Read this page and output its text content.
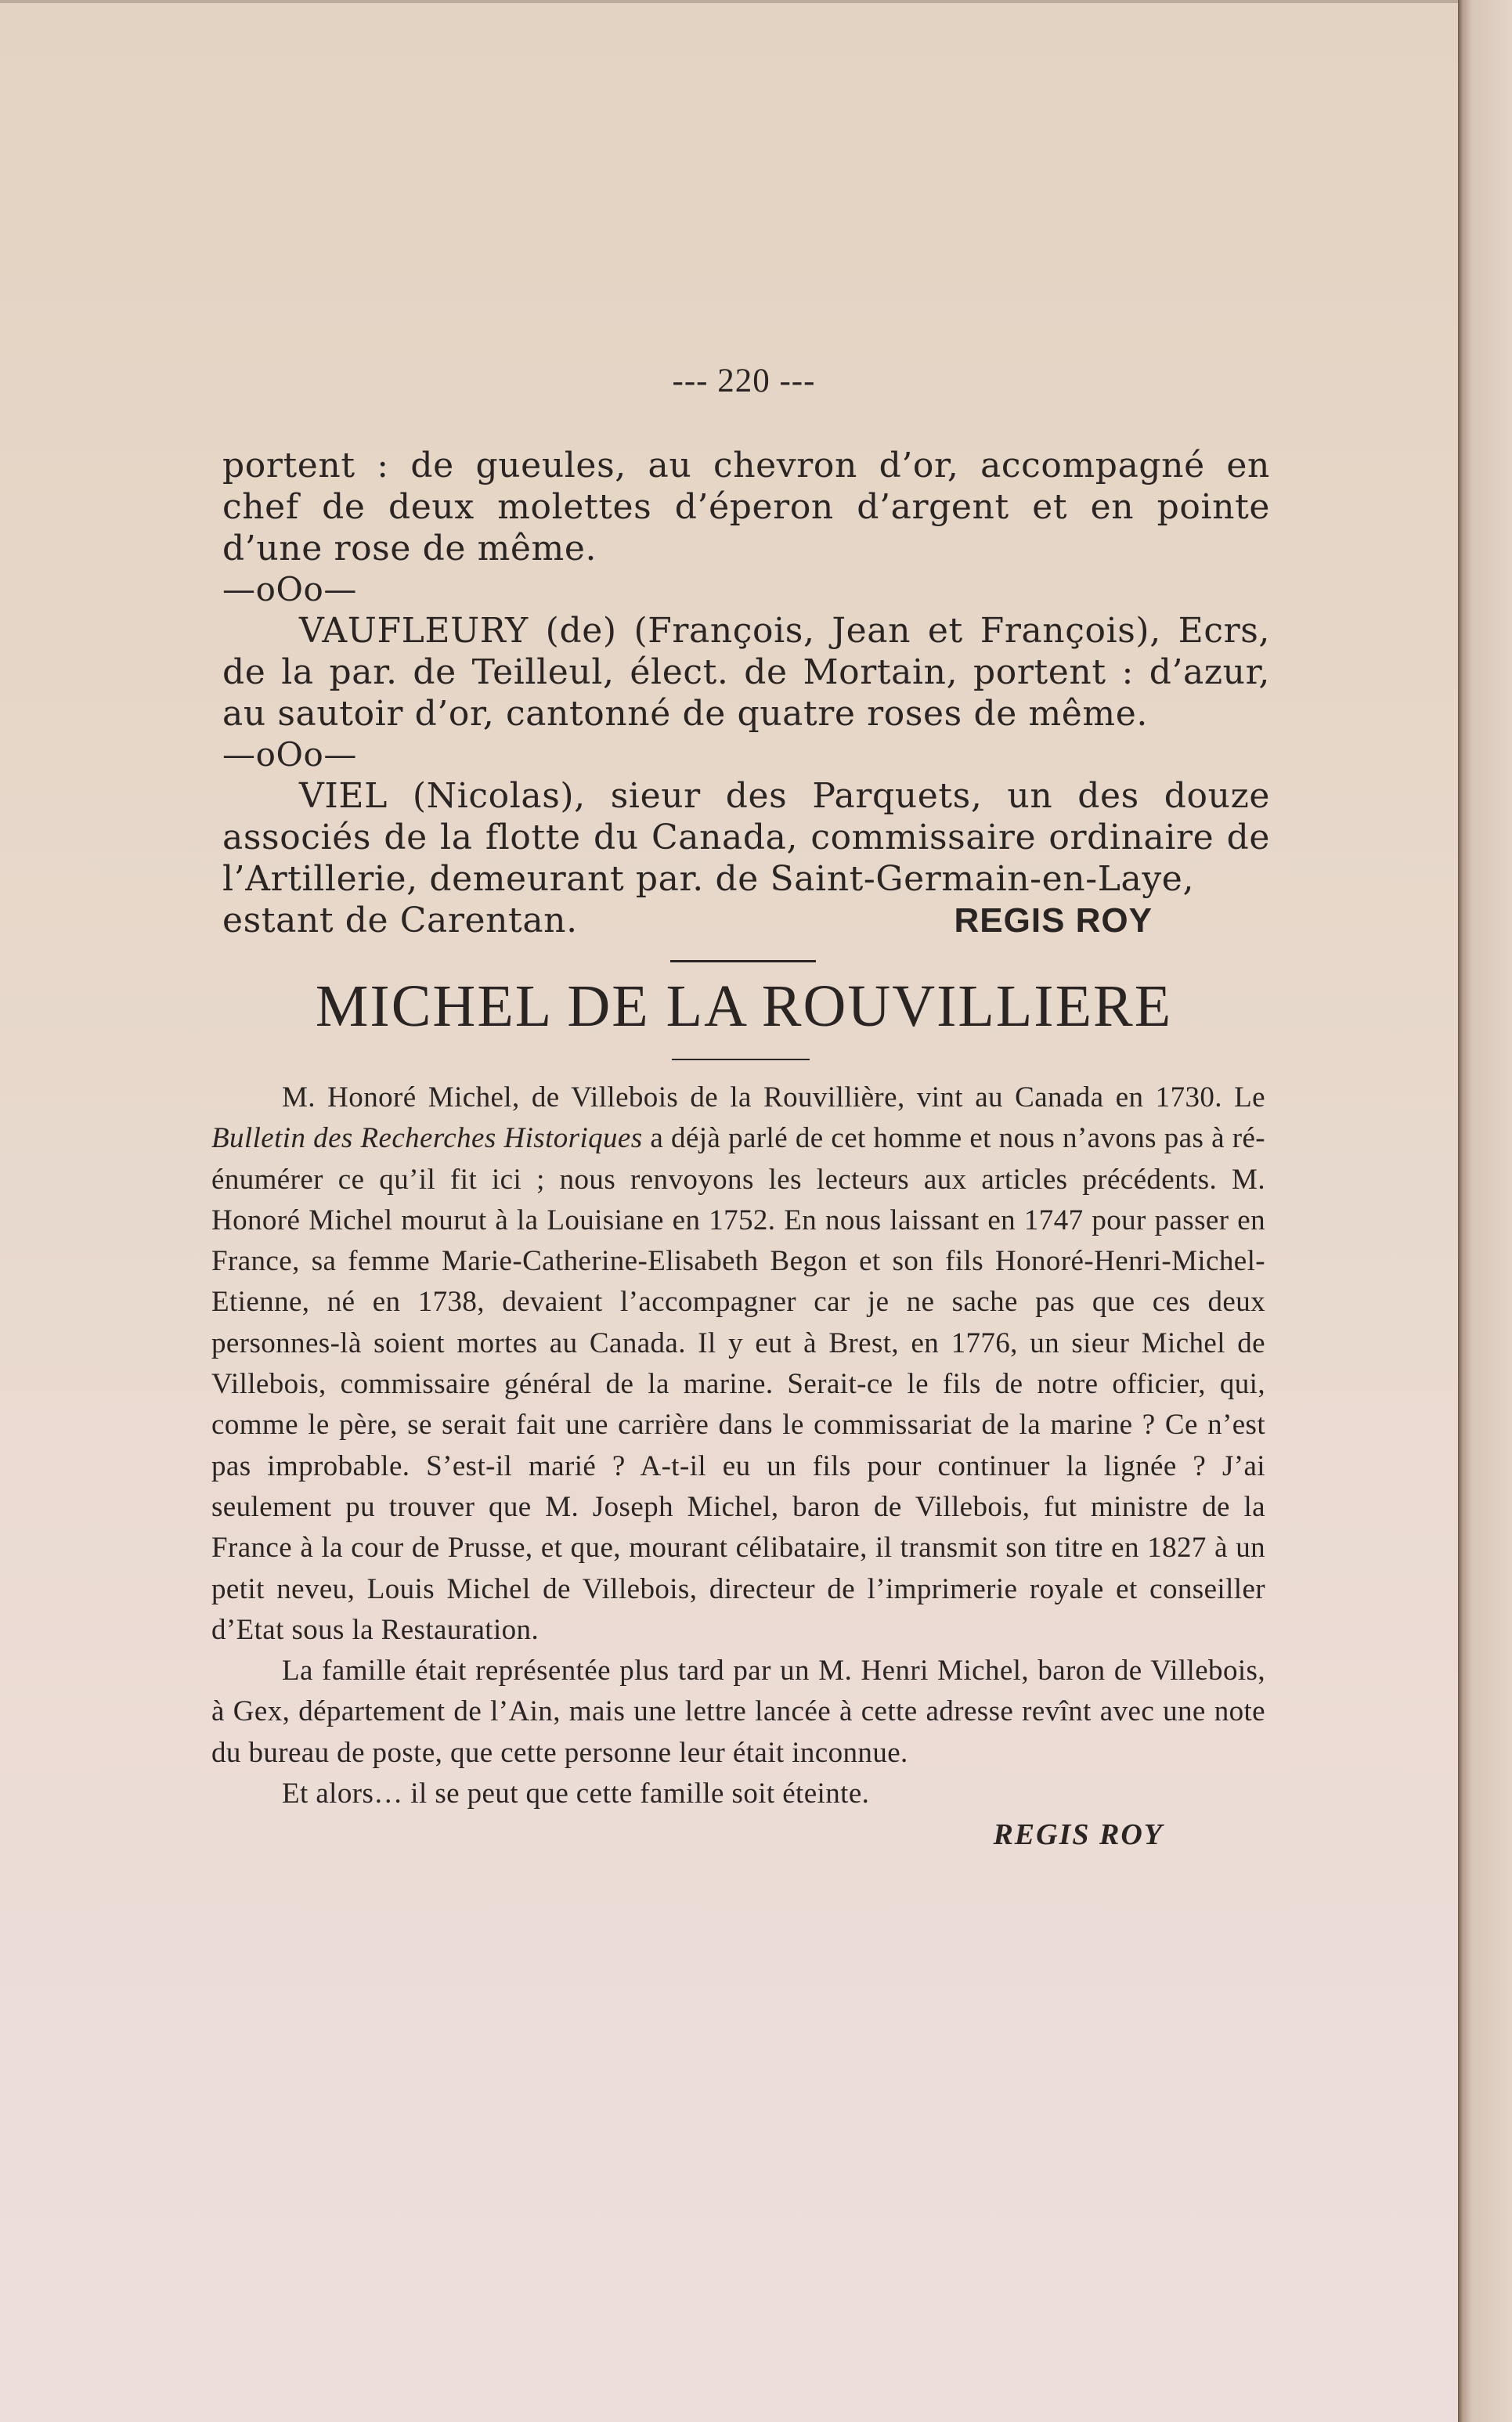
--- 220 ---

portent : de gueules, au chevron d’or, accompagné en chef de deux molettes d’éperon d’argent et en pointe d’une rose de même.

—oOo—

VAUFLEURY (de) (François, Jean et François), Ecrs, de la par. de Teilleul, élect. de Mortain, portent : d’azur, au sautoir d’or, cantonné de quatre roses de même.

—oOo—

VIEL (Nicolas), sieur des Parquets, un des douze associés de la flotte du Canada, commissaire ordinaire de l’Artillerie, demeurant par. de Saint-Germain-en-Laye,

estant de Carentan.	REGIS ROY
MICHEL DE LA ROUVILLIERE

M. Honoré Michel, de Villebois de la Rouvillière, vint au Canada en 1730. Le Bulletin des Recherches Historiques a déjà parlé de cet homme et nous n’avons pas à ré-énumérer ce qu’il fit ici ; nous renvoyons les lecteurs aux articles précédents. M. Honoré Michel mourut à la Louisiane en 1752. En nous laissant en 1747 pour passer en France, sa femme Marie-Catherine-Elisabeth Begon et son fils Honoré-Henri-Michel-Etienne, né en 1738, devaient l’accompagner car je ne sache pas que ces deux personnes-là soient mortes au Canada. Il y eut à Brest, en 1776, un sieur Michel de Villebois, commissaire général de la marine. Serait-ce le fils de notre officier, qui, comme le père, se serait fait une carrière dans le commissariat de la marine ? Ce n’est pas improbable. S’est-il marié ? A-t-il eu un fils pour continuer la lignée ? J’ai seulement pu trouver que M. Joseph Michel, baron de Villebois, fut ministre de la France à la cour de Prusse, et que, mourant célibataire, il transmit son titre en 1827 à un petit neveu, Louis Michel de Villebois, directeur de l’imprimerie royale et conseiller d’Etat sous la Restauration.

La famille était représentée plus tard par un M. Henri Michel, baron de Villebois, à Gex, département de l’Ain, mais une lettre lancée à cette adresse revînt avec une note du bureau de poste, que cette personne leur était inconnue.

Et alors… il se peut que cette famille soit éteinte.

REGIS ROY
